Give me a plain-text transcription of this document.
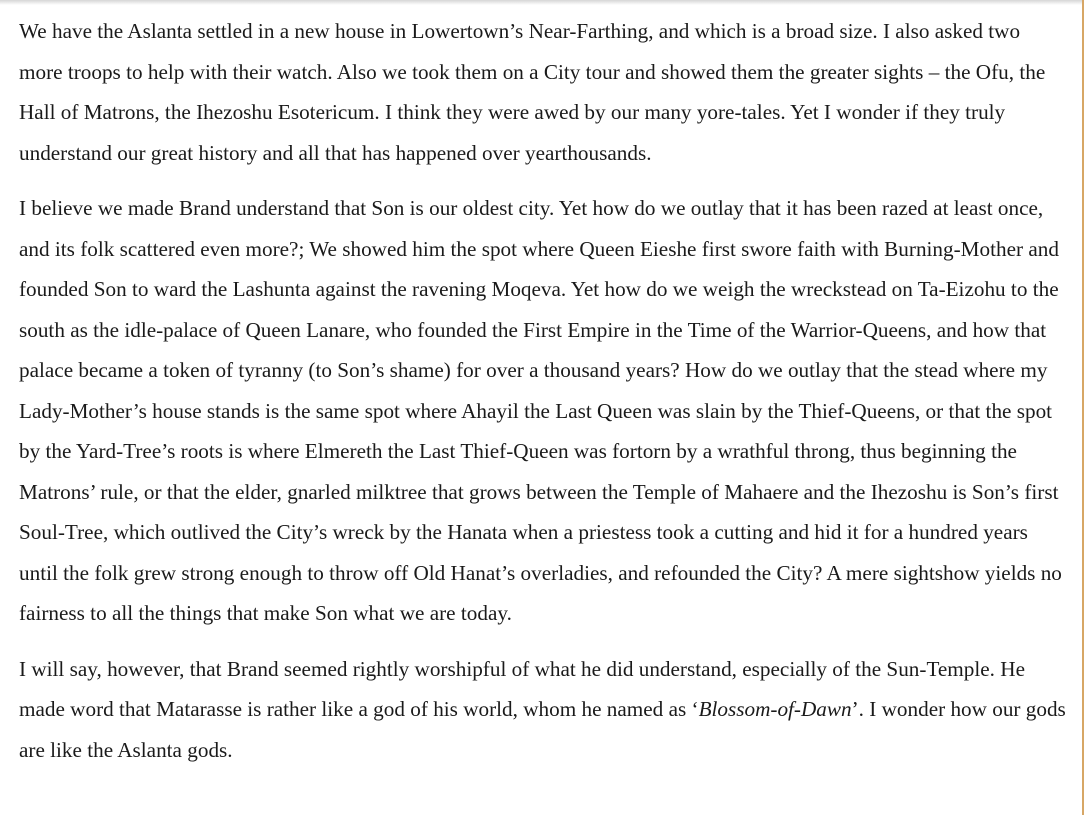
We have the Aslanta settled in a new house in Lowertown’s Near-Farthing, and which is a broad size. I also asked two more troops to help with their watch. Also we took them on a City tour and showed them the greater sights – the Ofu, the Hall of Matrons, the Ihezoshu Esotericum. I think they were awed by our many yore-tales. Yet I wonder if they truly understand our great history and all that has happened over yearthousands.

I believe we made Brand understand that Son is our oldest city. Yet how do we outlay that it has been razed at least once, and its folk scattered even more?; We showed him the spot where Queen Eieshe first swore faith with Burning-Mother and founded Son to ward the Lashunta against the ravening Moqeva. Yet how do we weigh the wreckstead on Ta-Eizohu to the south as the idle-palace of Queen Lanare, who founded the First Empire in the Time of the Warrior-Queens, and how that palace became a token of tyranny (to Son’s shame) for over a thousand years? How do we outlay that the stead where my Lady-Mother’s house stands is the same spot where Ahayil the Last Queen was slain by the Thief-Queens, or that the spot by the Yard-Tree’s roots is where Elmereth the Last Thief-Queen was fortorn by a wrathful throng, thus beginning the Matrons’ rule, or that the elder, gnarled milktree that grows between the Temple of Mahaere and the Ihezoshu is Son’s first Soul-Tree, which outlived the City’s wreck by the Hanata when a priestess took a cutting and hid it for a hundred years until the folk grew strong enough to throw off Old Hanat’s overladies, and refounded the City? A mere sightshow yields no fairness to all the things that make Son what we are today.

I will say, however, that Brand seemed rightly worshipful of what he did understand, especially of the Sun-Temple. He made word that Matarasse is rather like a god of his world, whom he named as ‘Blossom-of-Dawn’. I wonder how our gods are like the Aslanta gods.
